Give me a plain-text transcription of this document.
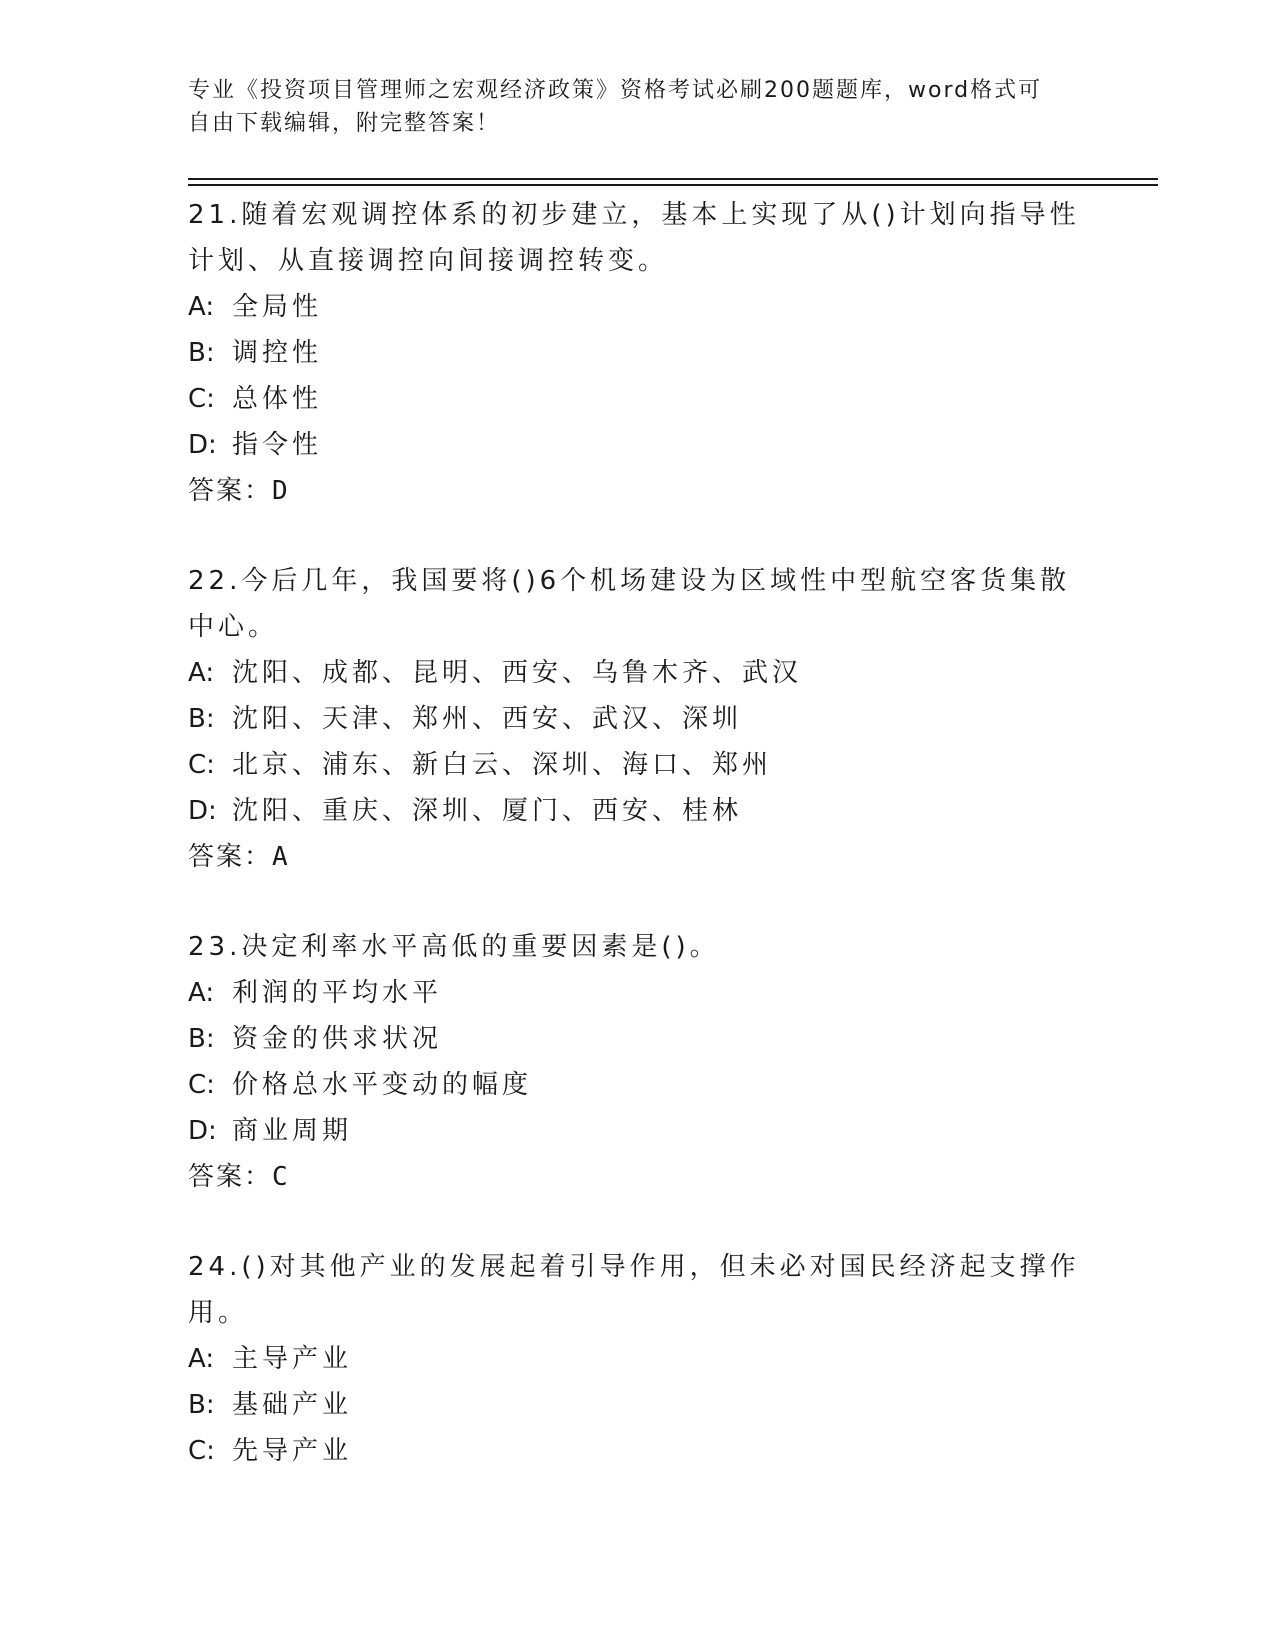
专业《投资项目管理师之宏观经济政策》资格考试必刷200题题库，word格式可
自由下载编辑，附完整答案！

21.随着宏观调控体系的初步建立，基本上实现了从()计划向指导性计划、从直接调控向间接调控转变。

A: 全局性
B: 调控性
C: 总体性
D: 指令性
答案：D

22.今后几年，我国要将()6个机场建设为区域性中型航空客货集散中心。

A: 沈阳、成都、昆明、西安、乌鲁木齐、武汉
B: 沈阳、天津、郑州、西安、武汉、深圳
C: 北京、浦东、新白云、深圳、海口、郑州
D: 沈阳、重庆、深圳、厦门、西安、桂林
答案：A

23.决定利率水平高低的重要因素是()。

A: 利润的平均水平
B: 资金的供求状况
C: 价格总水平变动的幅度
D: 商业周期
答案：C

24.()对其他产业的发展起着引导作用，但未必对国民经济起支撑作用。

A: 主导产业
B: 基础产业
C: 先导产业
